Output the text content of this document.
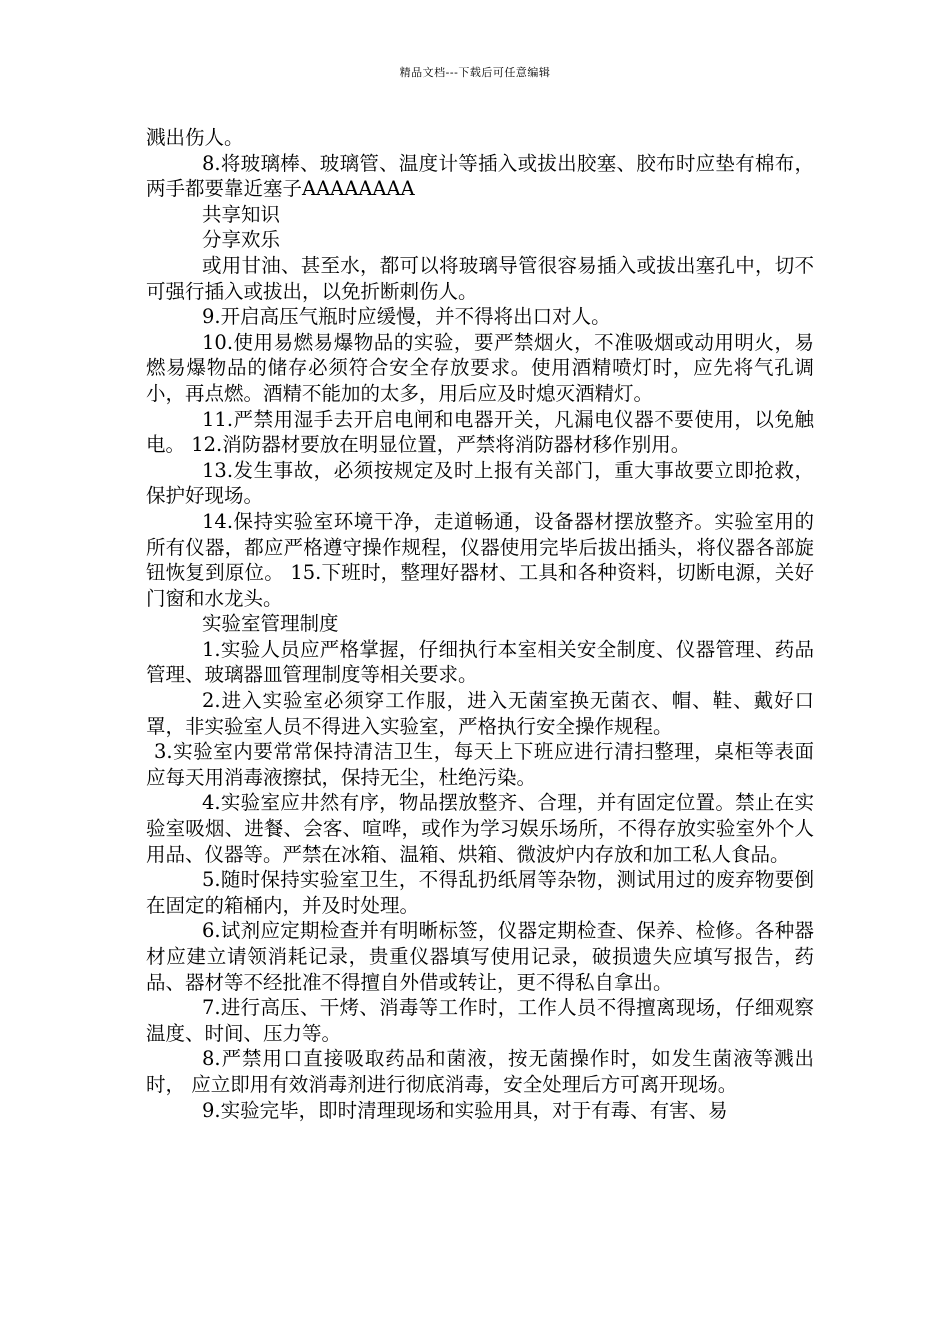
精品文档---下载后可任意编辑

溅出伤人。

8.将玻璃棒、玻璃管、温度计等插入或拔出胶塞、胶布时应垫有棉布，两手都要靠近塞子AAAAAAAA

共享知识

分享欢乐

或用甘油、甚至水，都可以将玻璃导管很容易插入或拔出塞孔中，切不可强行插入或拔出，以免折断刺伤人。

9.开启高压气瓶时应缓慢，并不得将出口对人。

10.使用易燃易爆物品的实验，要严禁烟火，不准吸烟或动用明火，易燃易爆物品的储存必须符合安全存放要求。使用酒精喷灯时，应先将气孔调小，再点燃。酒精不能加的太多，用后应及时熄灭酒精灯。

11.严禁用湿手去开启电闸和电器开关，凡漏电仪器不要使用，以免触电。 12.消防器材要放在明显位置，严禁将消防器材移作别用。

13.发生事故，必须按规定及时上报有关部门，重大事故要立即抢救，保护好现场。

14.保持实验室环境干净，走道畅通，设备器材摆放整齐。实验室用的所有仪器，都应严格遵守操作规程，仪器使用完毕后拔出插头，将仪器各部旋钮恢复到原位。 15.下班时，整理好器材、工具和各种资料，切断电源，关好门窗和水龙头。

实验室管理制度

1.实验人员应严格掌握，仔细执行本室相关安全制度、仪器管理、药品管理、玻璃器皿管理制度等相关要求。

2.进入实验室必须穿工作服，进入无菌室换无菌衣、帽、鞋、戴好口罩，非实验室人员不得进入实验室，严格执行安全操作规程。

3.实验室内要常常保持清洁卫生，每天上下班应进行清扫整理，桌柜等表面应每天用消毒液擦拭，保持无尘，杜绝污染。

4.实验室应井然有序，物品摆放整齐、合理，并有固定位置。禁止在实验室吸烟、进餐、会客、喧哗，或作为学习娱乐场所，不得存放实验室外个人用品、仪器等。严禁在冰箱、温箱、烘箱、微波炉内存放和加工私人食品。

5.随时保持实验室卫生，不得乱扔纸屑等杂物，测试用过的废弃物要倒在固定的箱桶内，并及时处理。

6.试剂应定期检查并有明晰标签，仪器定期检查、保养、检修。各种器材应建立请领消耗记录，贵重仪器填写使用记录，破损遗失应填写报告，药品、器材等不经批准不得擅自外借或转让，更不得私自拿出。

7.进行高压、干烤、消毒等工作时，工作人员不得擅离现场，仔细观察温度、时间、压力等。

8.严禁用口直接吸取药品和菌液，按无菌操作时，如发生菌液等溅出时， 应立即用有效消毒剂进行彻底消毒，安全处理后方可离开现场。

9.实验完毕，即时清理现场和实验用具，对于有毒、有害、易
